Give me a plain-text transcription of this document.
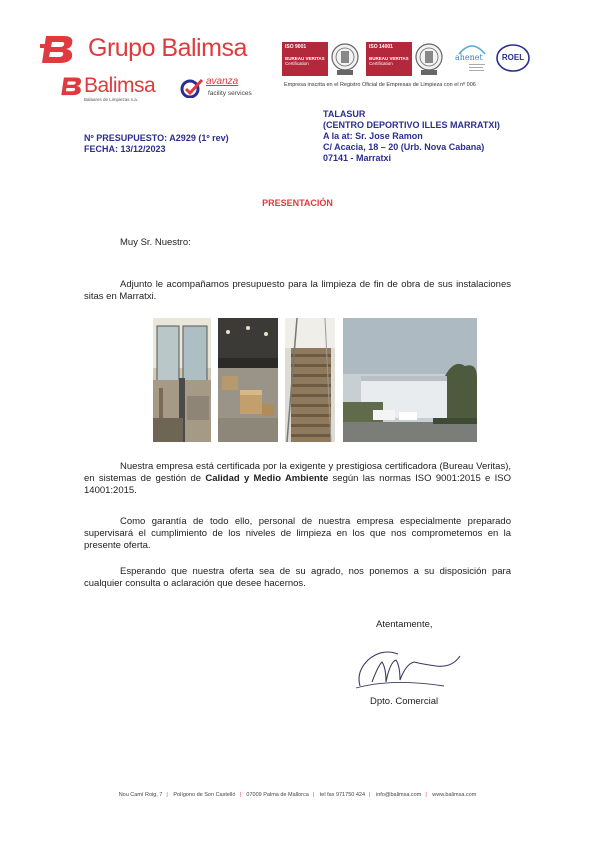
Grupo Balimsa
Balimsa
Balaares de Limpiezas s.a.
avanza
facility services
ISO 9001
BUREAU VERITAS
Certification
ISO 14001
BUREAU VERITAS
Certification
ahenet	ROEL
Empresa inscrita en el Registro Oficial de Empresas de Limpieza con el nº 006
TALASUR
(CENTRO DEPORTIVO ILLES MARRATXI)
A la at: Sr. Jose Ramon
C/ Acacia, 18 – 20 (Urb. Nova Cabana)
07141 - Marratxi
Nº PRESUPUESTO: A2929 (1º rev)
FECHA: 13/12/2023
PRESENTACIÓN
Muy Sr. Nuestro:
Adjunto le acompañamos presupuesto para la limpieza de fin de obra de sus instalaciones sitas en Marratxi.
Nuestra empresa está certificada por la exigente y prestigiosa certificadora (Bureau Veritas), en sistemas de gestión de Calidad y Medio Ambiente según las normas ISO 9001:2015 e ISO 14001:2015.
Como garantía de todo ello, personal de nuestra empresa especialmente preparado supervisará el cumplimiento de los niveles de limpieza en los que nos comprometemos en la presente oferta.
Esperando que nuestra oferta sea de su agrado, nos ponemos a su disposición para cualquier consulta o aclaración que desee hacernos.
Atentamente,
Dpto. Comercial
Nou Camí Roig, 7 | Polígono de Son Castelló | 07009 Palma de Mallorca | tel fax 971750 424 | info@balimsa.com | www.balimsa.com
